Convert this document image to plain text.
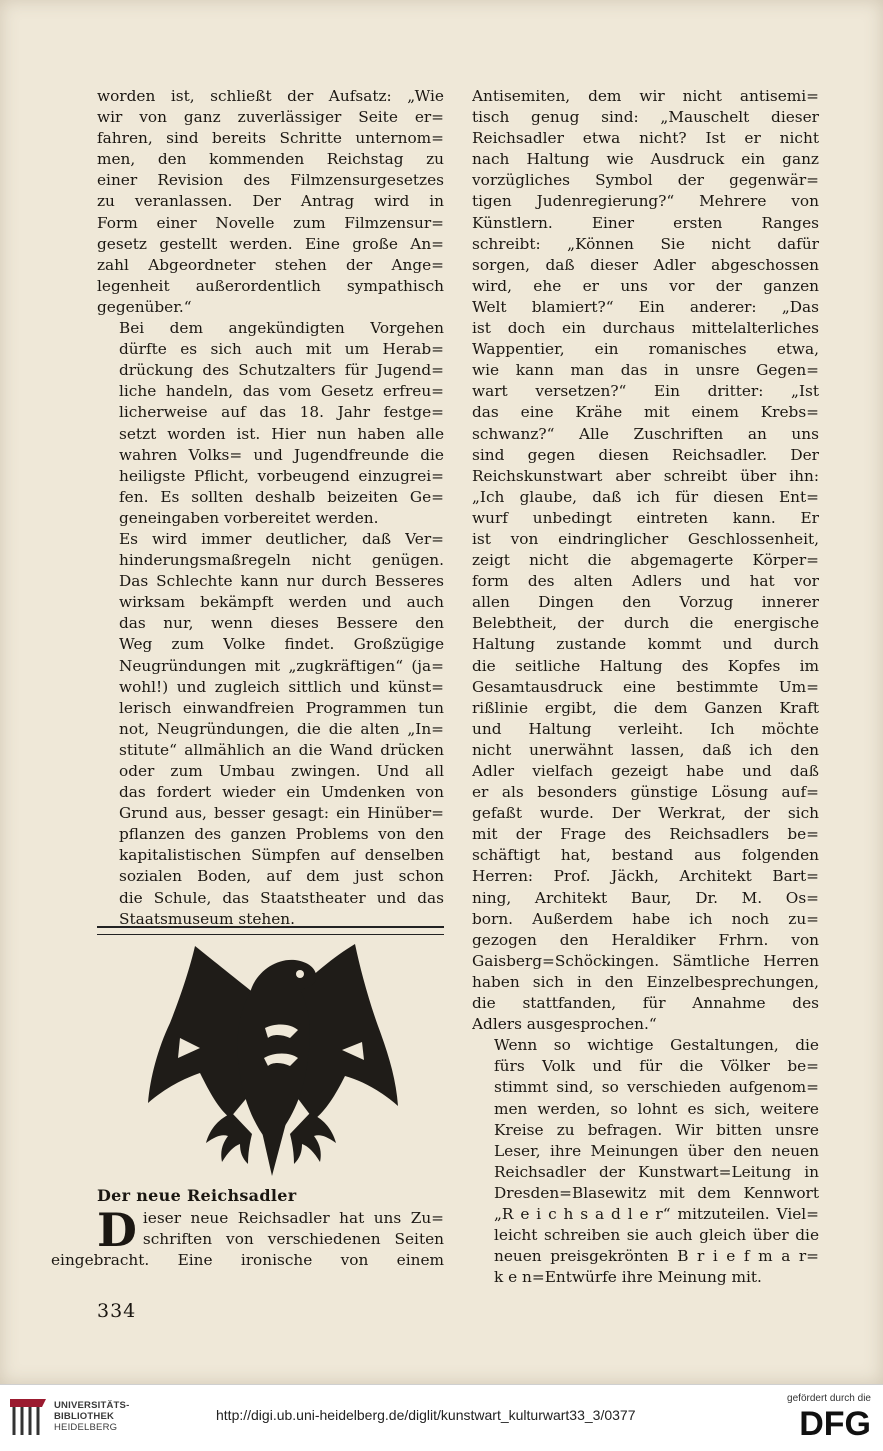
worden ist, schließt der Aufsatz: „Wie
wir von ganz zuverlässiger Seite er=
fahren, sind bereits Schritte unternom=
men, den kommenden Reichstag zu
einer Revision des Filmzensurgesetzes
zu veranlassen. Der Antrag wird in
Form einer Novelle zum Filmzensur=
gesetz gestellt werden. Eine große An=
zahl Abgeordneter stehen der Ange=
legenheit außerordentlich sympathisch
gegenüber.“

Bei dem angekündigten Vorgehen
dürfte es sich auch mit um Herab=
drückung des Schutzalters für Jugend=
liche handeln, das vom Gesetz erfreu=
licherweise auf das 18. Jahr festge=
setzt worden ist. Hier nun haben alle
wahren Volks= und Jugendfreunde die
heiligste Pflicht, vorbeugend einzugrei=
fen. Es sollten deshalb beizeiten Ge=
geneingaben vorbereitet werden.

Es wird immer deutlicher, daß Ver=
hinderungsmaßregeln nicht genügen.
Das Schlechte kann nur durch Besseres
wirksam bekämpft werden und auch
das nur, wenn dieses Bessere den
Weg zum Volke findet. Großzügige
Neugründungen mit „zugkräftigen“ (ja=
wohl!) und zugleich sittlich und künst=
lerisch einwandfreien Programmen tun
not, Neugründungen, die die alten „In=
stitute“ allmählich an die Wand drücken
oder zum Umbau zwingen. Und all
das fordert wieder ein Umdenken von
Grund aus, besser gesagt: ein Hinüber=
pflanzen des ganzen Problems von den
kapitalistischen Sümpfen auf denselben
sozialen Boden, auf dem just schon
die Schule, das Staatstheater und das
Staatsmuseum stehen.

Antisemiten, dem wir nicht antisemi=
tisch genug sind: „Mauschelt dieser
Reichsadler etwa nicht? Ist er nicht
nach Haltung wie Ausdruck ein ganz
vorzügliches Symbol der gegenwär=
tigen Judenregierung?“ Mehrere von
Künstlern. Einer ersten Ranges
schreibt: „Können Sie nicht dafür
sorgen, daß dieser Adler abgeschossen
wird, ehe er uns vor der ganzen
Welt blamiert?“ Ein anderer: „Das
ist doch ein durchaus mittelalterliches
Wappentier, ein romanisches etwa,
wie kann man das in unsre Gegen=
wart versetzen?“ Ein dritter: „Ist
das eine Krähe mit einem Krebs=
schwanz?“ Alle Zuschriften an uns
sind gegen diesen Reichsadler. Der
Reichskunstwart aber schreibt über ihn:
„Ich glaube, daß ich für diesen Ent=
wurf unbedingt eintreten kann. Er
ist von eindringlicher Geschlossenheit,
zeigt nicht die abgemagerte Körper=
form des alten Adlers und hat vor
allen Dingen den Vorzug innerer
Belebtheit, der durch die energische
Haltung zustande kommt und durch
die seitliche Haltung des Kopfes im
Gesamtausdruck eine bestimmte Um=
rißlinie ergibt, die dem Ganzen Kraft
und Haltung verleiht. Ich möchte
nicht unerwähnt lassen, daß ich den
Adler vielfach gezeigt habe und daß
er als besonders günstige Lösung auf=
gefaßt wurde. Der Werkrat, der sich
mit der Frage des Reichsadlers be=
schäftigt hat, bestand aus folgenden
Herren: Prof. Jäckh, Architekt Bart=
ning, Architekt Baur, Dr. M. Os=
born. Außerdem habe ich noch zu=
gezogen den Heraldiker Frhrn. von
Gaisberg=Schöckingen. Sämtliche Herren
haben sich in den Einzelbesprechungen,
die stattfanden, für Annahme des
Adlers ausgesprochen.“

Wenn so wichtige Gestaltungen, die
fürs Volk und für die Völker be=
stimmt sind, so verschieden aufgenom=
men werden, so lohnt es sich, weitere
Kreise zu befragen. Wir bitten unsre
Leser, ihre Meinungen über den neuen
Reichsadler der Kunstwart=Leitung in
Dresden=Blasewitz mit dem Kennwort
„R e i c h s a d l e r“ mitzuteilen. Viel=
leicht schreiben sie auch gleich über die
neuen preisgekrönten B r i e f m a r=
k e n=Entwürfe ihre Meinung mit.

Der neue Reichsadler
D ieser neue Reichsadler hat uns Zu=
schriften von verschiedenen Seiten
eingebracht. Eine ironische von einem
334
UNIVERSITÄTS-
BIBLIOTHEK
HEIDELBERG
http://digi.ub.uni-heidelberg.de/diglit/kunstwart_kulturwart33_3/0377
gefördert durch die
DFG
